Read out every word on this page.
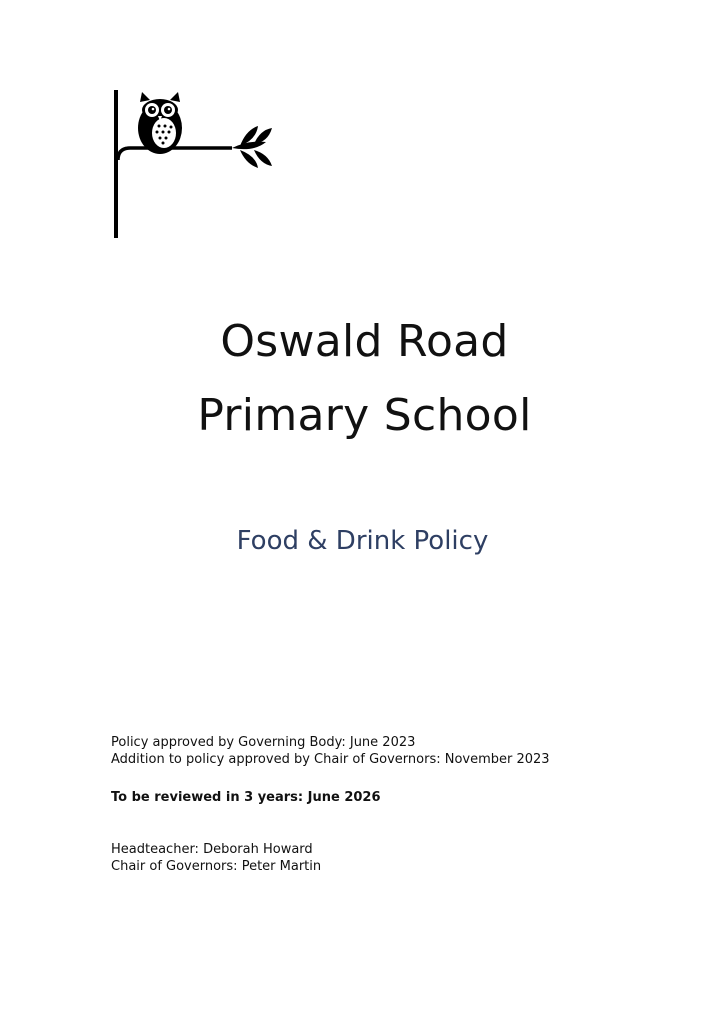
Oswald Road
Primary School
Food & Drink Policy
Policy approved by Governing Body: June 2023
Addition to policy approved by Chair of Governors: November 2023
To be reviewed in 3 years: June 2026
Headteacher: Deborah Howard
Chair of Governors: Peter Martin
